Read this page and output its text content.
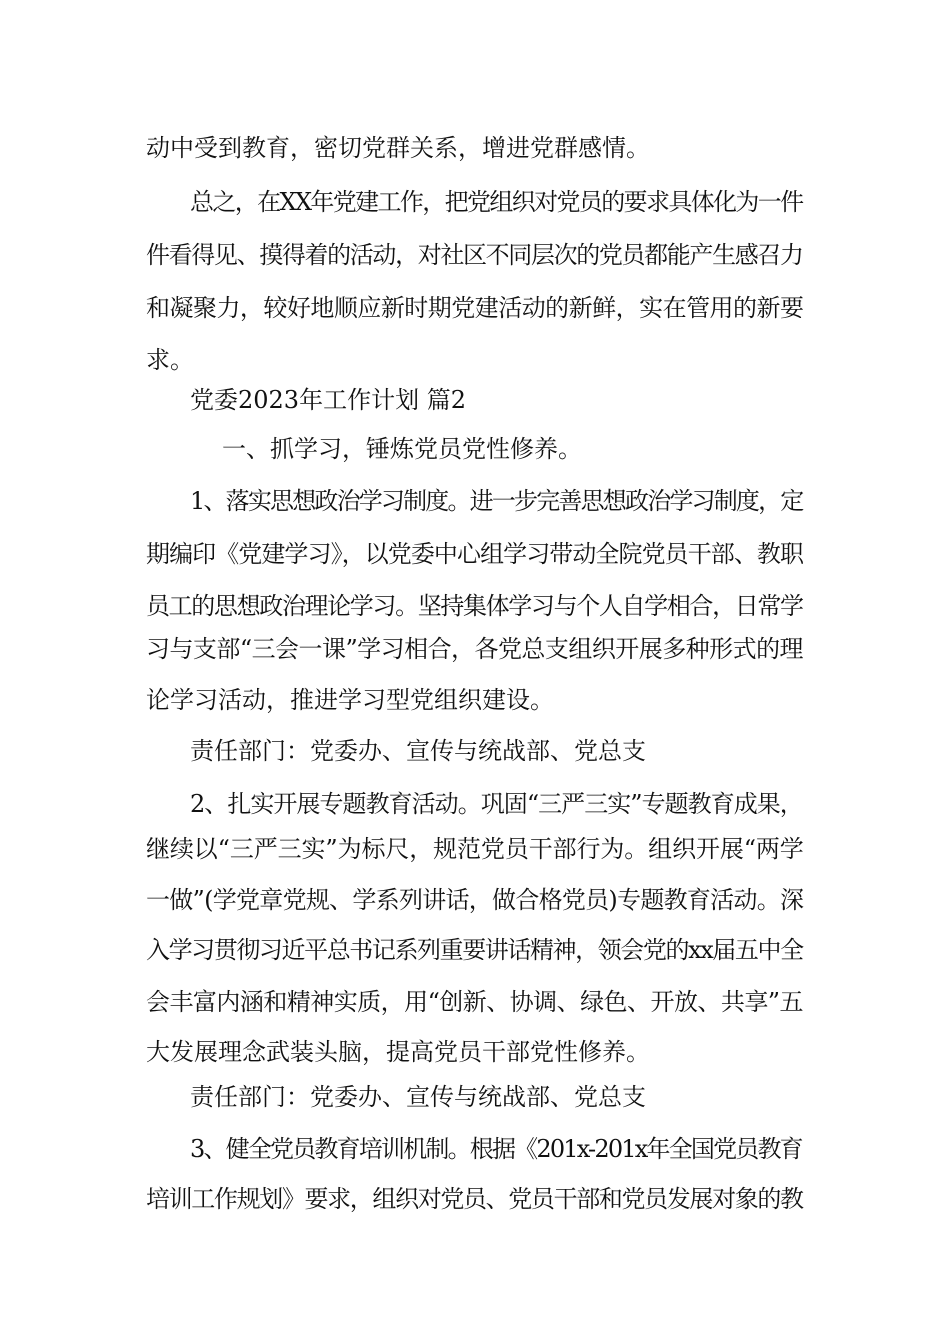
动中受到教育，密切党群关系，增进党群感情。
总之，在XX年党建工作，把党组织对党员的要求具体化为一件
件看得见、摸得着的活动，对社区不同层次的党员都能产生感召力
和凝聚力，较好地顺应新时期党建活动的新鲜，实在管用的新要
求。
党委2023年工作计划 篇2
一、抓学习，锤炼党员党性修养。
1、落实思想政治学习制度。进一步完善思想政治学习制度，定
期编印《党建学习》，以党委中心组学习带动全院党员干部、教职
员工的思想政治理论学习。坚持集体学习与个人自学相合，日常学
习与支部“三会一课”学习相合，各党总支组织开展多种形式的理
论学习活动，推进学习型党组织建设。
责任部门：党委办、宣传与统战部、党总支
2、扎实开展专题教育活动。巩固“三严三实”专题教育成果，
继续以“三严三实”为标尺，规范党员干部行为。组织开展“两学
一做”(学党章党规、学系列讲话，做合格党员)专题教育活动。深
入学习贯彻习近平总书记系列重要讲话精神，领会党的xx届五中全
会丰富内涵和精神实质，用“创新、协调、绿色、开放、共享”五
大发展理念武装头脑，提高党员干部党性修养。
责任部门：党委办、宣传与统战部、党总支
3、健全党员教育培训机制。根据《201x-201x年全国党员教育
培训工作规划》要求，组织对党员、党员干部和党员发展对象的教
